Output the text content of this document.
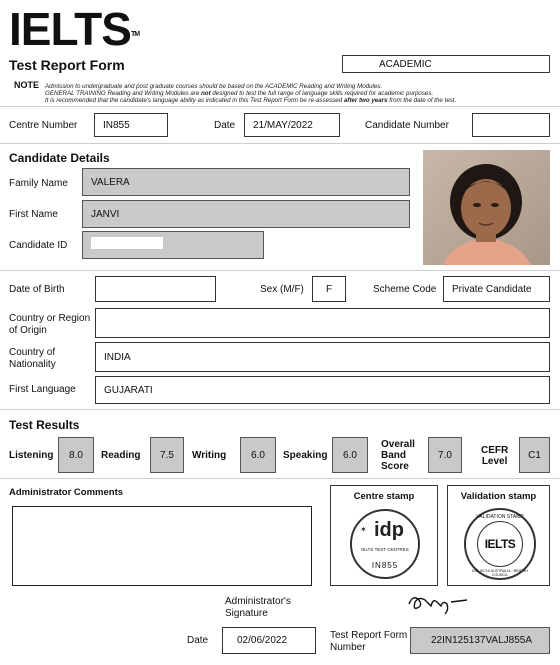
IELTS™
Test Report Form	ACADEMIC
NOTE Admission to undergraduate and post graduate courses should be based on the ACADEMIC Reading and Writing Modules.
GENERAL TRAINING Reading and Writing Modules are not designed to test the full range of language skills required for academic purposes.
It is recommended that the candidate's language ability as indicated in this Test Report Form be re-assessed after two years from the date of the test.
Centre Number	IN855	Date	21/MAY/2022	Candidate Number
Candidate Details
Family Name	VALERA
First Name	JANVI
Candidate ID
Date of Birth	Sex (M/F)	F	Scheme Code	Private Candidate
Country or Region
of Origin
Country of
Nationality
INDIA
First Language	GUJARATI
Test Results
Listening	8.0	Reading	7.5	Writing	6.0	Speaking	6.0
Overall
Band
Score
7.0	CEFR
Level
C1
Administrator Comments	Centre stamp
✶ idp
IELTS TEST CENTRES
IN855
Validation stamp
VALIDATION STAMP
IELTS
IDP: IELTS AUSTRALIA · BRITISH COUNCIL
Administrator's
Signature
Date	02/06/2022	Test Report Form
Number
22IN125137VALJ855A
